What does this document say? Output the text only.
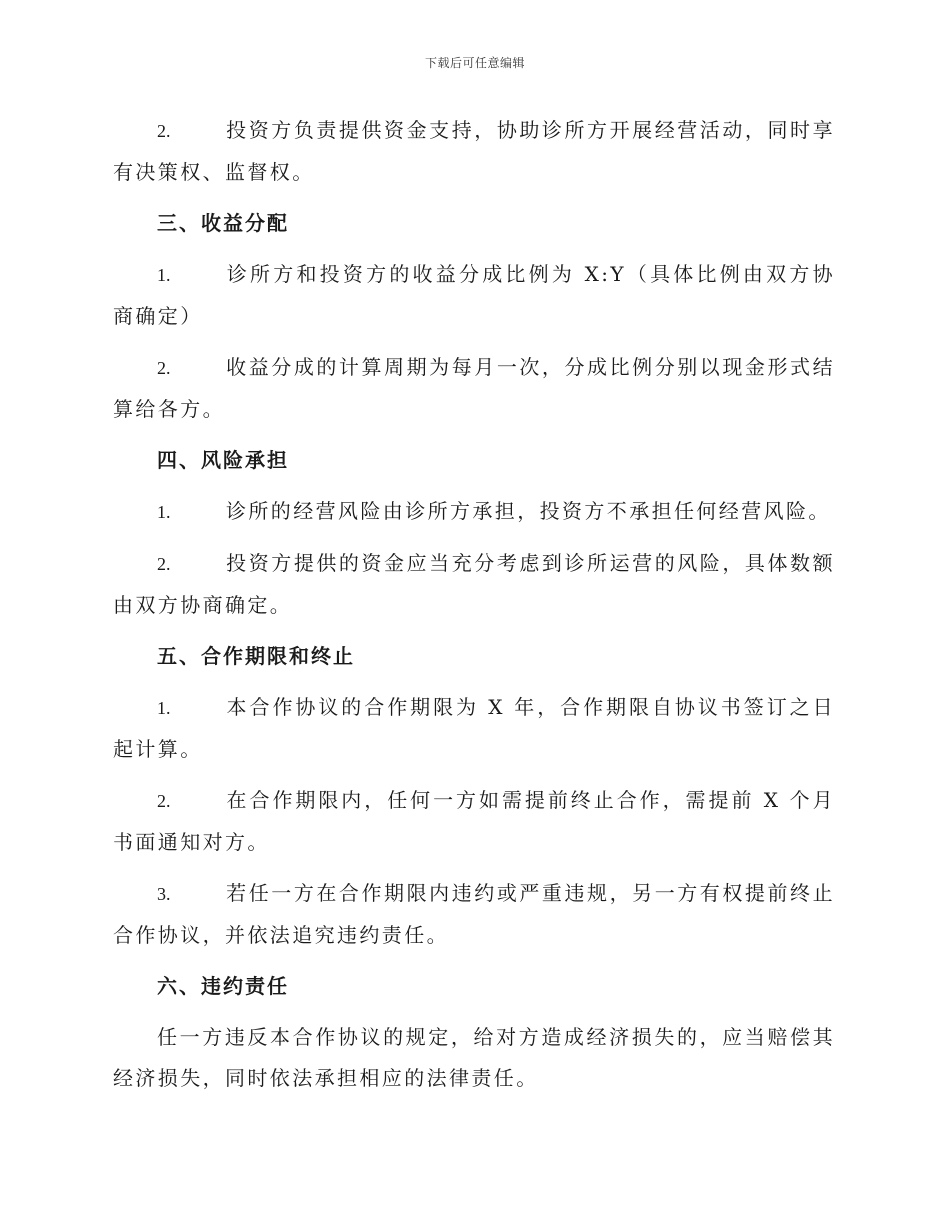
下载后可任意编辑
2.	投资方负责提供资金支持，协助诊所方开展经营活动，同时享有决策权、监督权。
三、收益分配
1.	诊所方和投资方的收益分成比例为 X:Y（具体比例由双方协商确定）
2.	收益分成的计算周期为每月一次，分成比例分别以现金形式结算给各方。
四、风险承担
1.	诊所的经营风险由诊所方承担，投资方不承担任何经营风险。
2.	投资方提供的资金应当充分考虑到诊所运营的风险，具体数额由双方协商确定。
五、合作期限和终止
1.	本合作协议的合作期限为 X 年，合作期限自协议书签订之日起计算。
2.	在合作期限内，任何一方如需提前终止合作，需提前 X 个月书面通知对方。
3.	若任一方在合作期限内违约或严重违规，另一方有权提前终止合作协议，并依法追究违约责任。
六、违约责任
任一方违反本合作协议的规定，给对方造成经济损失的，应当赔偿其经济损失，同时依法承担相应的法律责任。
